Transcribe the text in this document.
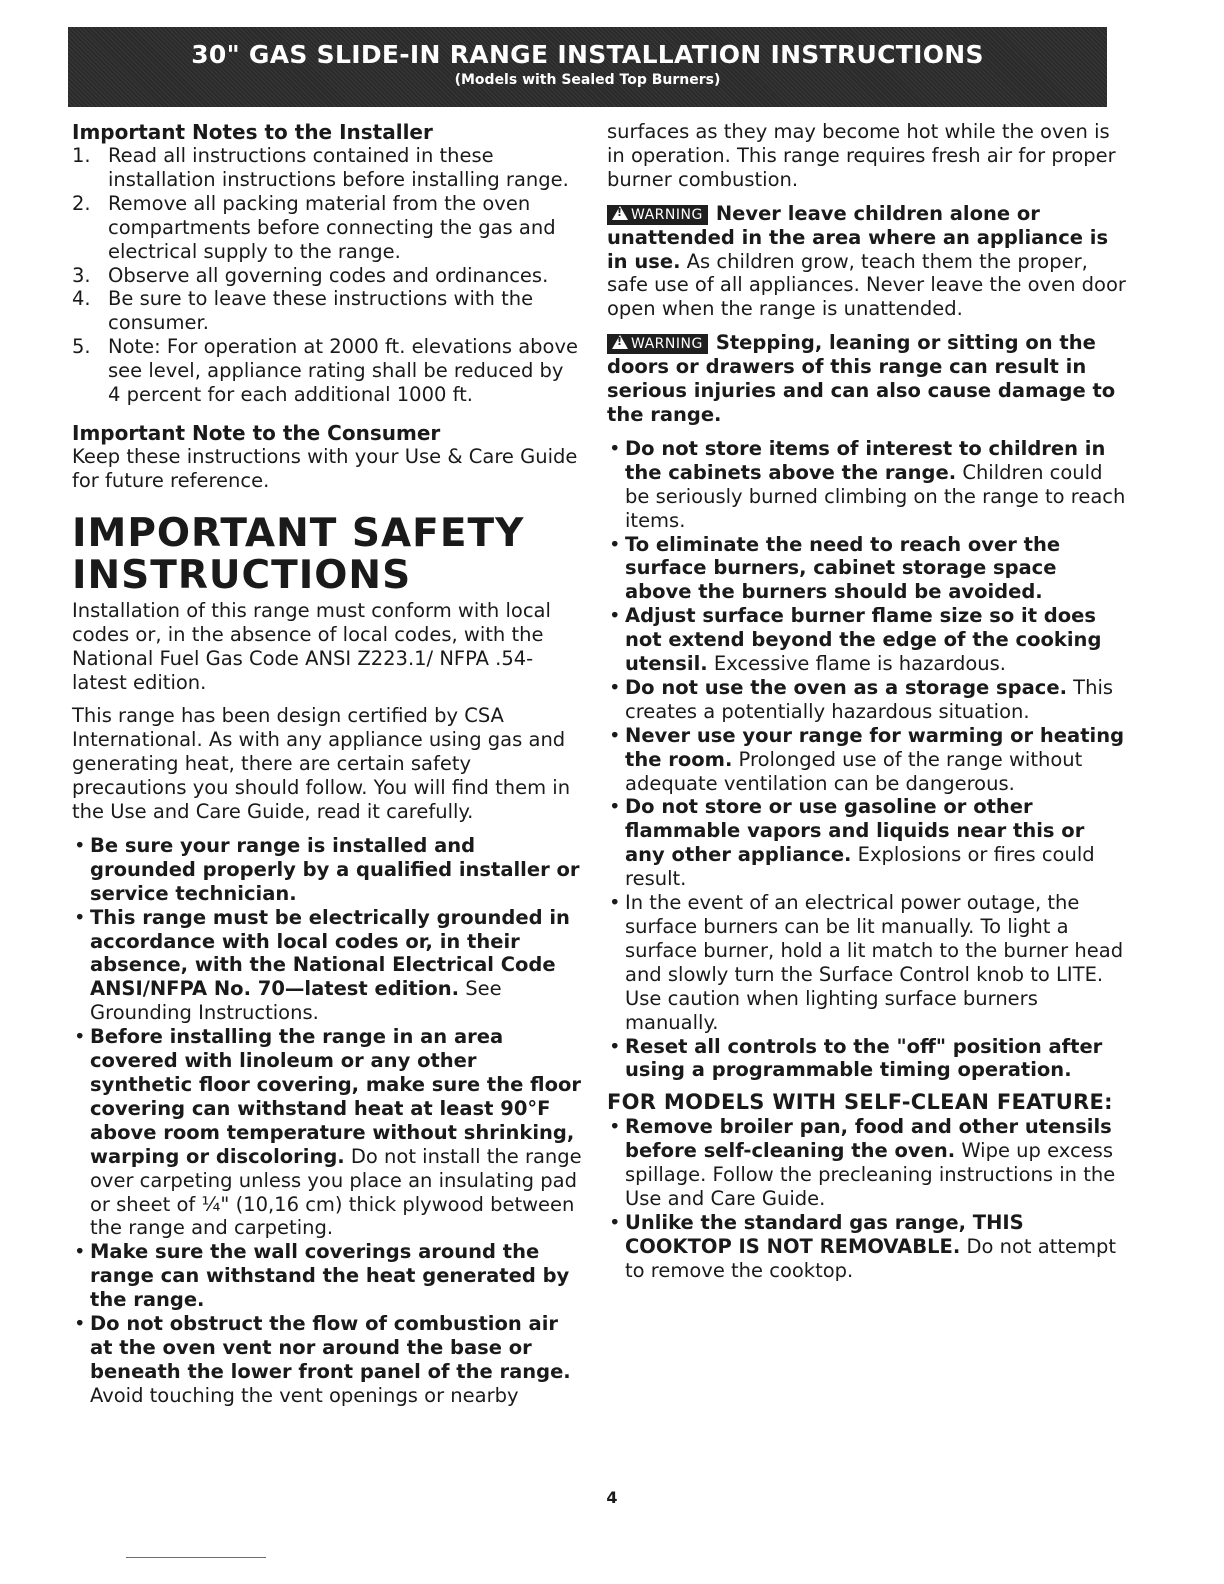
30" GAS SLIDE-IN RANGE INSTALLATION INSTRUCTIONS
(Models with Sealed Top Burners)
Important Notes to the Installer
1. Read all instructions contained in these installation instructions before installing range.
2. Remove all packing material from the oven compartments before connecting the gas and electrical supply to the range.
3. Observe all governing codes and ordinances.
4. Be sure to leave these instructions with the consumer.
5. Note: For operation at 2000 ft. elevations above see level, appliance rating shall be reduced by 4 percent for each additional 1000 ft.
Important Note to the Consumer

Keep these instructions with your Use & Care Guide for future reference.

IMPORTANT SAFETY
INSTRUCTIONS

Installation of this range must conform with local codes or, in the absence of local codes, with the National Fuel Gas Code ANSI Z223.1/ NFPA .54-latest edition.

This range has been design certified by CSA International. As with any appliance using gas and generating heat, there are certain safety precautions you should follow. You will find them in the Use and Care Guide, read it carefully.

• Be sure your range is installed and grounded properly by a qualified installer or service technician.
• This range must be electrically grounded in accordance with local codes or, in their absence, with the National Electrical Code ANSI/NFPA No. 70—latest edition. See Grounding Instructions.
• Before installing the range in an area covered with linoleum or any other synthetic floor covering, make sure the floor covering can withstand heat at least 90°F above room temperature without shrinking, warping or discoloring. Do not install the range over carpeting unless you place an insulating pad or sheet of ¼" (10,16 cm) thick plywood between the range and carpeting.
• Make sure the wall coverings around the range can withstand the heat generated by the range.
• Do not obstruct the flow of combustion air at the oven vent nor around the base or beneath the lower front panel of the range. Avoid touching the vent openings or nearby

surfaces as they may become hot while the oven is in operation. This range requires fresh air for proper burner combustion.

! WARNING Never leave children alone or unattended in the area where an appliance is in use. As children grow, teach them the proper, safe use of all appliances. Never leave the oven door open when the range is unattended.

! WARNING Stepping, leaning or sitting on the doors or drawers of this range can result in serious injuries and can also cause damage to the range.

• Do not store items of interest to children in the cabinets above the range. Children could be seriously burned climbing on the range to reach items.
• To eliminate the need to reach over the surface burners, cabinet storage space above the burners should be avoided.
• Adjust surface burner flame size so it does not extend beyond the edge of the cooking utensil. Excessive flame is hazardous.
• Do not use the oven as a storage space. This creates a potentially hazardous situation.
• Never use your range for warming or heating the room. Prolonged use of the range without adequate ventilation can be dangerous.
• Do not store or use gasoline or other flammable vapors and liquids near this or any other appliance. Explosions or fires could result.
• In the event of an electrical power outage, the surface burners can be lit manually. To light a surface burner, hold a lit match to the burner head and slowly turn the Surface Control knob to LITE. Use caution when lighting surface burners manually.
• Reset all controls to the "off" position after using a programmable timing operation.
FOR MODELS WITH SELF-CLEAN FEATURE:
• Remove broiler pan, food and other utensils before self-cleaning the oven. Wipe up excess spillage. Follow the precleaning instructions in the Use and Care Guide.
• Unlike the standard gas range, THIS COOKTOP IS NOT REMOVABLE. Do not attempt to remove the cooktop.
4
